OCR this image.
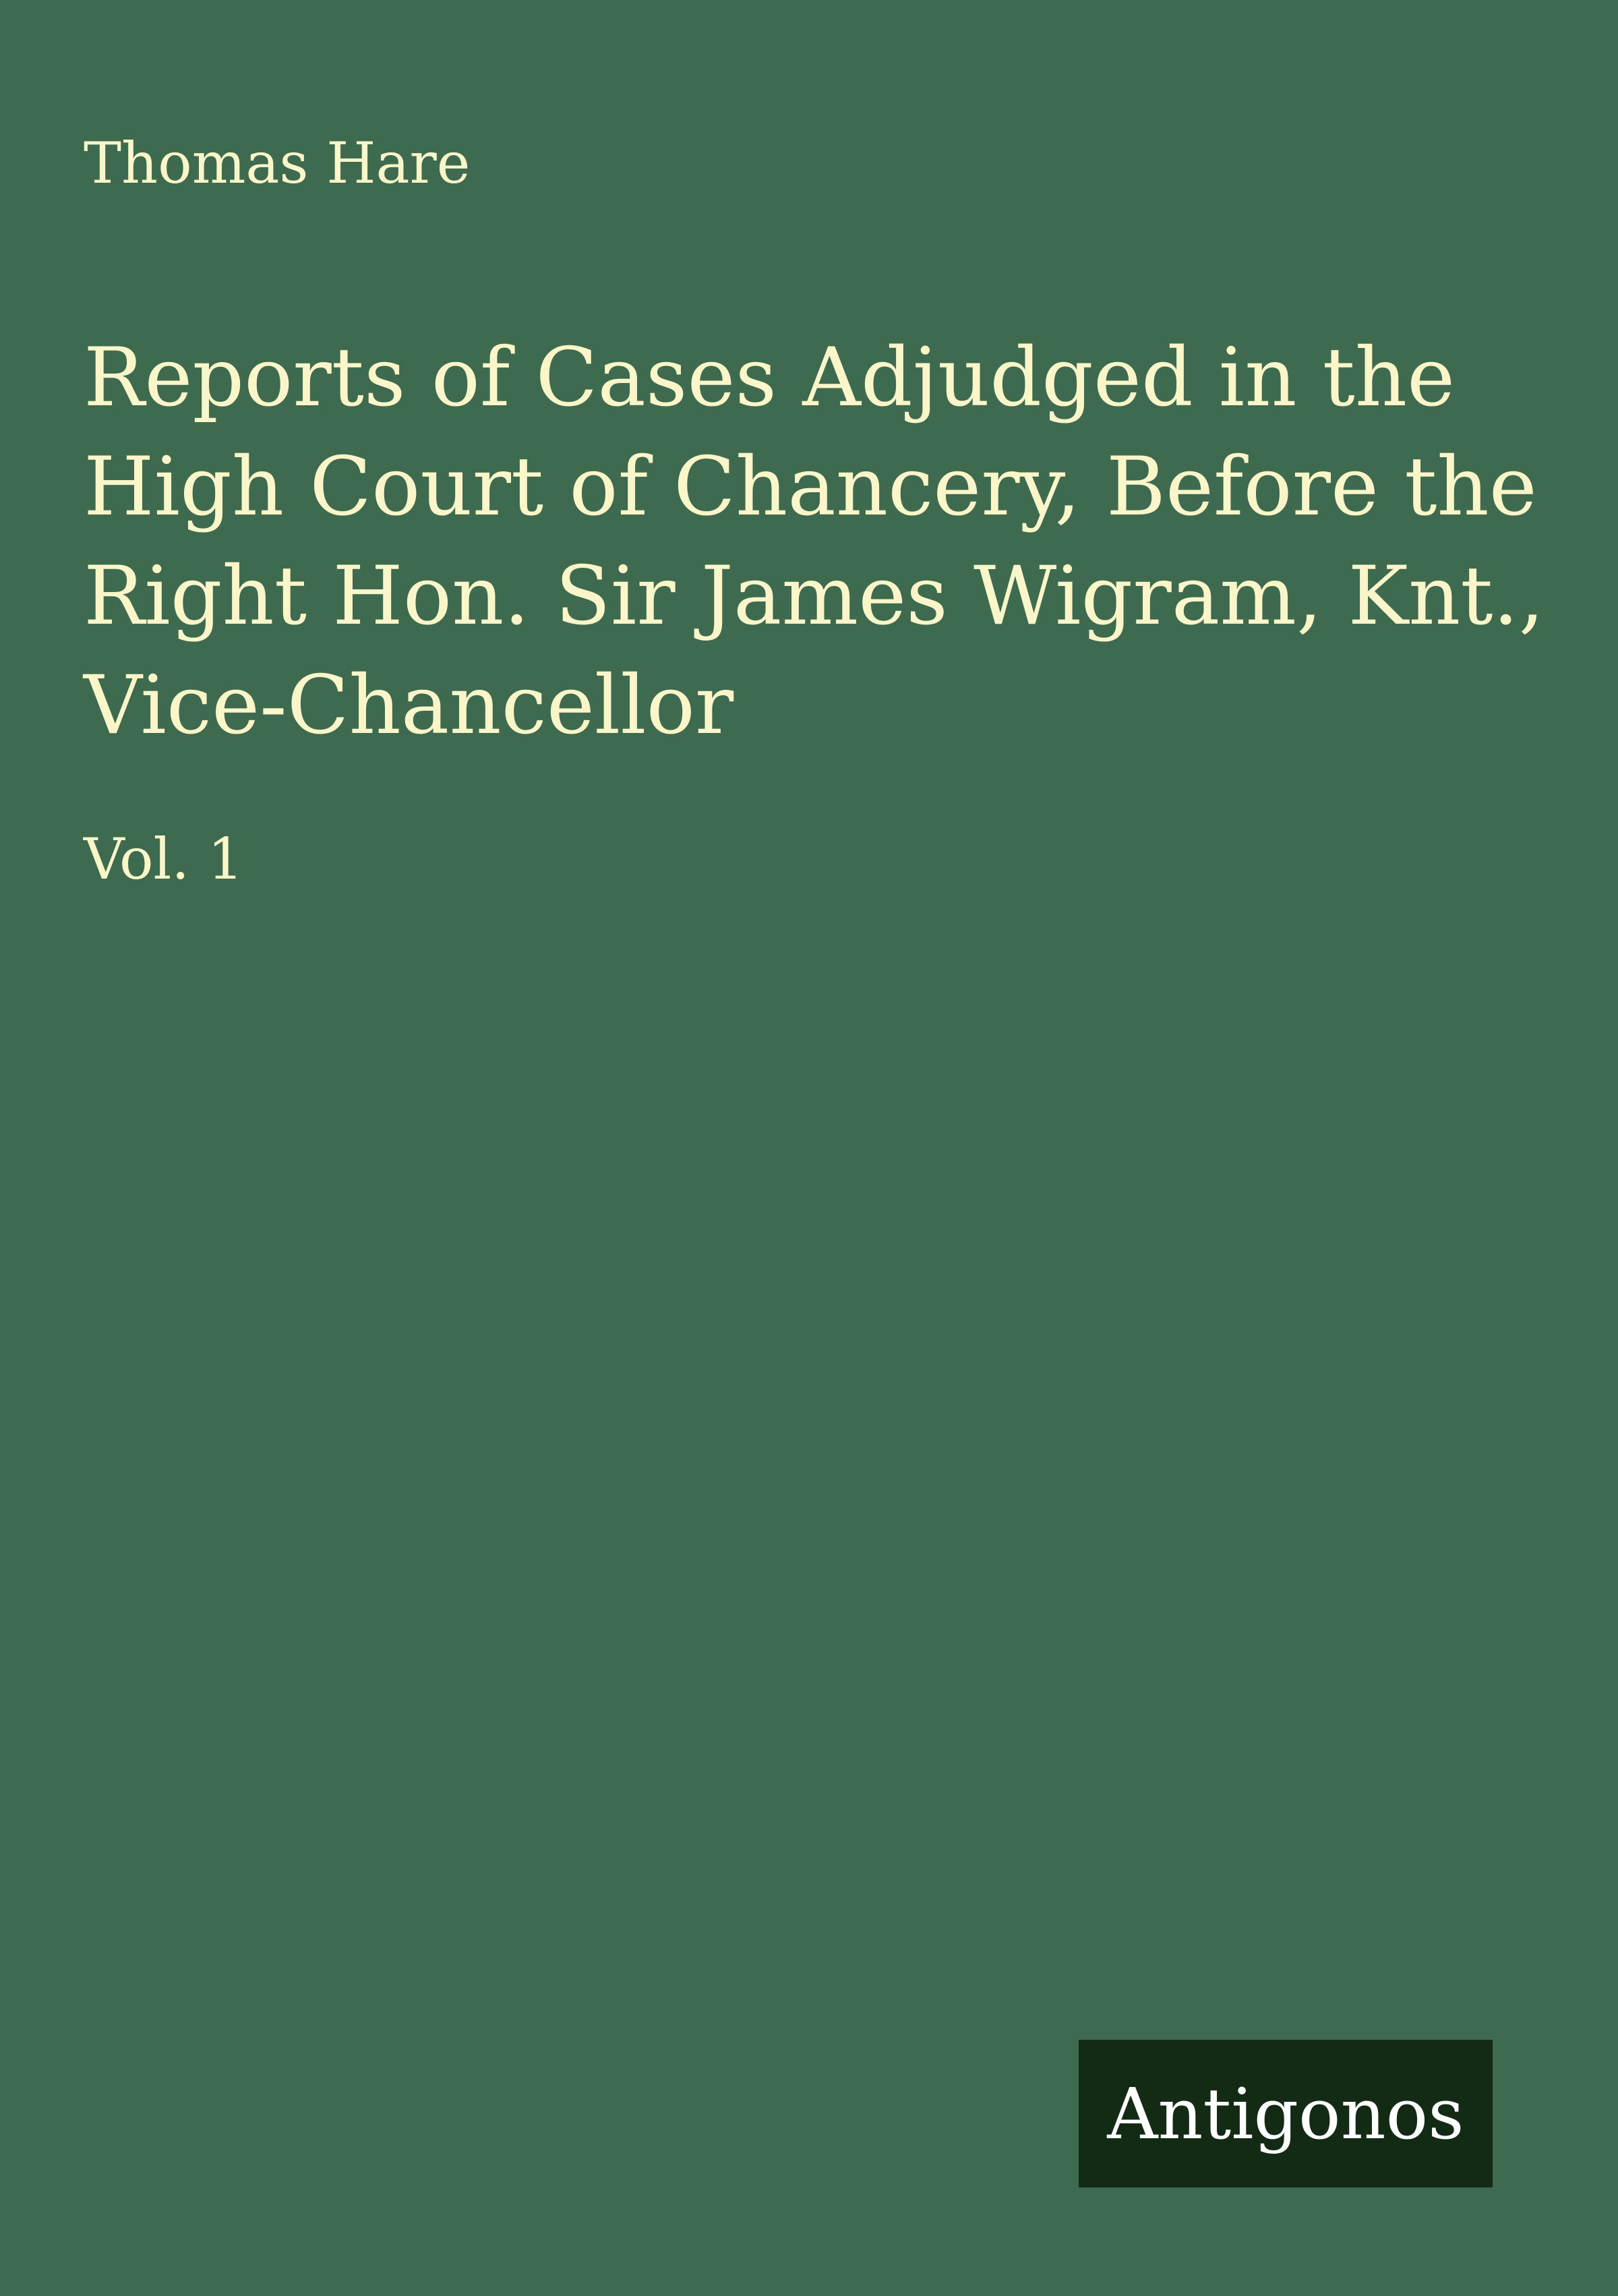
Thomas Hare
Reports of Cases Adjudged in the High Court of Chancery, Before the Right Hon. Sir James Wigram, Knt., Vice-Chancellor
Vol. 1
Antigonos
